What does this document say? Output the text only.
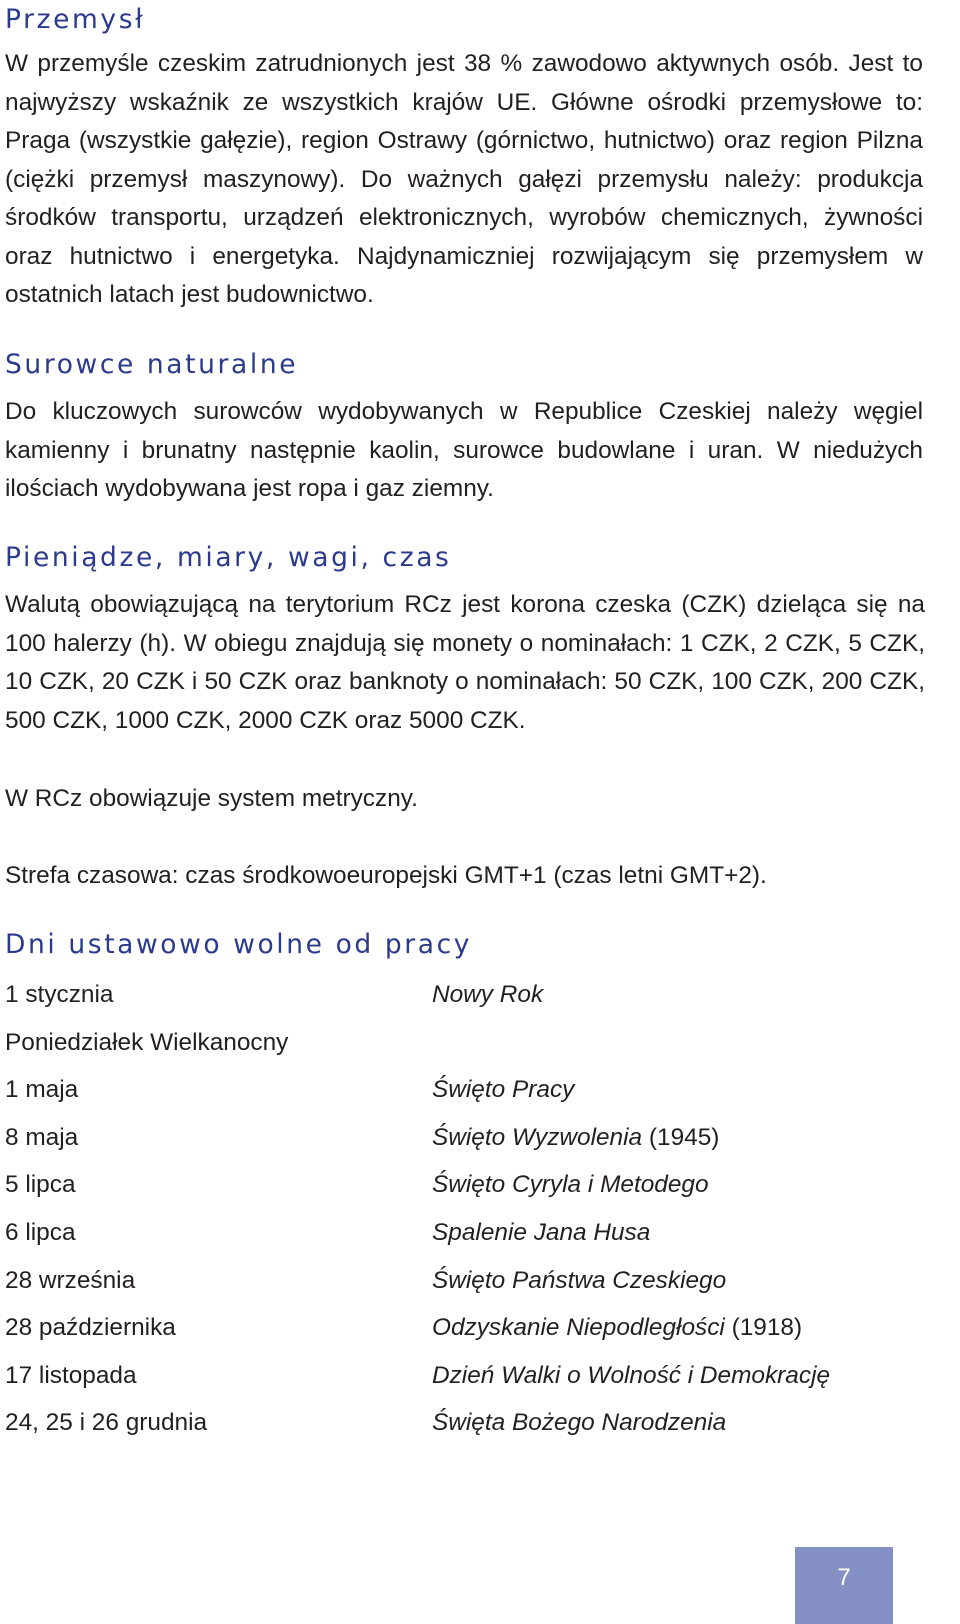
Przemysł

W przemyśle czeskim zatrudnionych jest 38 % zawodowo aktywnych osób. Jest to najwyższy wskaźnik ze wszystkich krajów UE. Główne ośrodki przemysłowe to: Praga (wszystkie gałęzie), region Ostrawy (górnictwo, hutnictwo) oraz region Pilzna (ciężki przemysł maszynowy). Do ważnych gałęzi przemysłu należy: produkcja środków transportu, urządzeń elektronicznych, wyrobów chemicznych, żywności oraz hutnictwo i energetyka. Najdynamiczniej rozwijającym się przemysłem w ostatnich latach jest budownictwo.

Surowce naturalne

Do kluczowych surowców wydobywanych w Republice Czeskiej należy węgiel kamienny i brunatny następnie kaolin, surowce budowlane i uran. W niedużych ilościach wydobywana jest ropa i gaz ziemny.

Pieniądze, miary, wagi, czas

Walutą obowiązującą na terytorium RCz jest korona czeska (CZK) dzieląca się na 100 halerzy (h). W obiegu znajdują się monety o nominałach: 1 CZK, 2 CZK, 5 CZK, 10 CZK, 20 CZK i 50 CZK oraz banknoty o nominałach: 50 CZK, 100 CZK, 200 CZK, 500 CZK, 1000 CZK, 2000 CZK oraz 5000 CZK.

W RCz obowiązuje system metryczny.

Strefa czasowa: czas środkowoeuropejski GMT+1 (czas letni GMT+2).

Dni ustawowo wolne od pracy
1 stycznia	Nowy Rok
Poniedziałek Wielkanocny
1 maja	Święto Pracy
8 maja	Święto Wyzwolenia (1945)
5 lipca	Święto Cyryla i Metodego
6 lipca	Spalenie Jana Husa
28 września	Święto Państwa Czeskiego
28 października	Odzyskanie Niepodległości (1918)
17 listopada	Dzień Walki o Wolność i Demokrację
24, 25 i 26 grudnia	Święta Bożego Narodzenia
7
